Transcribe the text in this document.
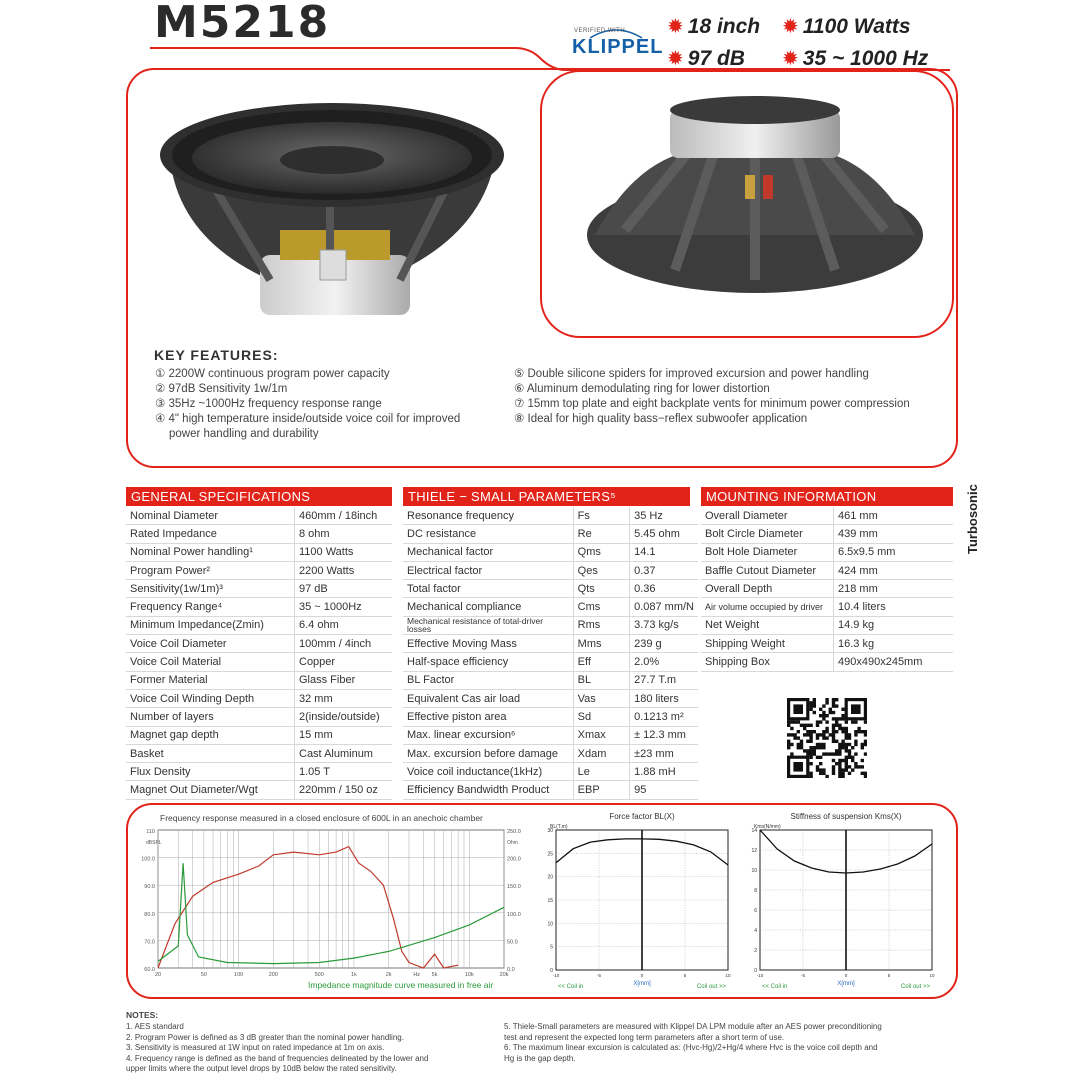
M5218	VERIFIED WITH
KLIPPEL
✹ 18 inch ✹ 1100 Watts
✹ 97 dB ✹ 35 ~ 1000 Hz
KEY FEATURES:
① 2200W continuous program power capacity
② 97dB Sensitivity 1w/1m
③ 35Hz ~1000Hz frequency response range
④ 4" high temperature inside/outside voice coil for improved
power handling and durability
⑤ Double silicone spiders for improved excursion and power handling
⑥ Aluminum demodulating ring for lower distortion
⑦ 15mm top plate and eight backplate vents for minimum power compression
⑧ Ideal for high quality bass−reflex subwoofer application
GENERAL SPECIFICATIONS	THIELE − SMALL PARAMETERS⁵	MOUNTING INFORMATION
Nominal Diameter	460mm / 18inch
Rated Impedance	8 ohm
Nominal Power handling¹	1100 Watts
Program Power²	2200 Watts
Sensitivity(1w/1m)³	97 dB
Frequency Range⁴	35 ~ 1000Hz
Minimum Impedance(Zmin)	6.4 ohm
Voice Coil Diameter	100mm / 4inch
Voice Coil Material	Copper
Former Material	Glass Fiber
Voice Coil Winding Depth	32 mm
Number of layers	2(inside/outside)
Magnet gap depth	15 mm
Basket	Cast Aluminum
Flux Density	1.05 T
Magnet Out Diameter/Wgt	220mm / 150 oz
Resonance frequency	Fs	35 Hz
DC resistance	Re	5.45 ohm
Mechanical factor	Qms	14.1
Electrical factor	Qes	0.37
Total factor	Qts	0.36
Mechanical compliance	Cms	0.087 mm/N
Mechanical resistance of total-driver losses	Rms	3.73 kg/s
Effective Moving Mass	Mms	239 g
Half-space efficiency	Eff	2.0%
BL Factor	BL	27.7 T.m
Equivalent Cas air load	Vas	180 liters
Effective piston area	Sd	0.1213 m²
Max. linear excursion⁶	Xmax	± 12.3 mm
Max. excursion before damage	Xdam	±23 mm
Voice coil inductance(1kHz)	Le	1.88 mH
Efficiency Bandwidth Product	EBP	95
Overall Diameter	461 mm
Bolt Circle Diameter	439 mm
Bolt Hole Diameter	6.5x9.5 mm
Baffle Cutout Diameter	424 mm
Overall Depth	218 mm
Air volume occupied by driver	10.4 liters
Net Weight	14.9 kg
Shipping Weight	16.3 kg
Shipping Box	490x490x245mm
Turbosonic
Frequency response measured in a closed enclosure of 600L in an anechoic chamber
110
100.0
90.0
80.0
70.0
60.0
dBSPL
250.0
200.0
150.0
100.0
50.0
0.0
Ohm
20	50	100	200	500	1k	2k	5k	10k	20k
Hz
Impedance magnitude curve measured in free air
Force factor BL(X)
BL(T.m)
30
25
20
15
10
5
0
-10	-5	0	5	10
X[mm]
<< Coil in	Coil out >>
Stiffness of suspension Kms(X)
Kms(N/mm)
14
12
10
8
6
4
2
0
-10	-5	0	5	10
X[mm]
<< Coil in	Coil out >>
NOTES:
1. AES standard
2. Program Power is defined as 3 dB greater than the nominal power handling.
3. Sensitivity is measured at 1W input on rated impedance at 1m on axis.
4. Frequency range is defined as the band of frequencies delineated by the lower and
upper limits where the output level drops by 10dB below the rated sensitivity.
5. Thiele-Small parameters are measured with Klippel DA LPM module after an AES power preconditioning
test and represent the expected long term parameters after a short term of use.
6. The maximum linear excursion is calculated as: (Hvc-Hg)/2+Hg/4 where Hvc is the voice coil depth and
Hg is the gap depth.
